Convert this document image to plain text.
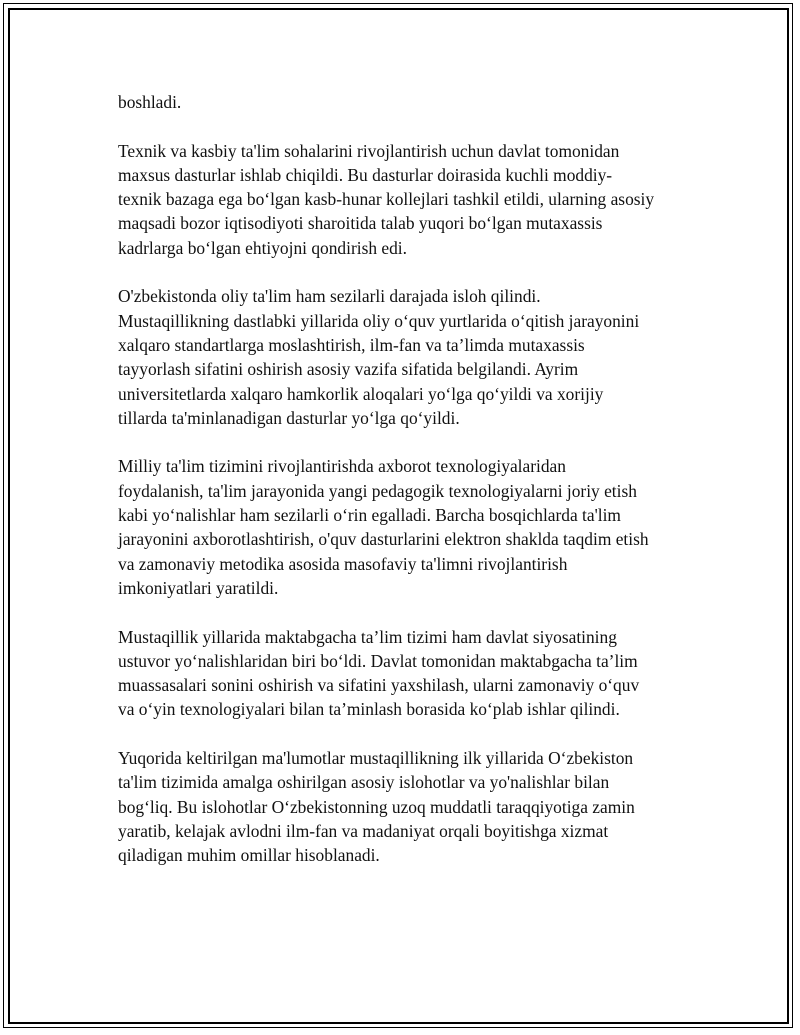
boshladi.

Texnik va kasbiy ta'lim sohalarini rivojlantirish uchun davlat tomonidan
maxsus dasturlar ishlab chiqildi. Bu dasturlar doirasida kuchli moddiy-
texnik bazaga ega bo‘lgan kasb-hunar kollejlari tashkil etildi, ularning asosiy
maqsadi bozor iqtisodiyoti sharoitida talab yuqori bo‘lgan mutaxassis
kadrlarga bo‘lgan ehtiyojni qondirish edi.

O'zbekistonda oliy ta'lim ham sezilarli darajada isloh qilindi.
Mustaqillikning dastlabki yillarida oliy o‘quv yurtlarida o‘qitish jarayonini
xalqaro standartlarga moslashtirish, ilm-fan va ta’limda mutaxassis
tayyorlash sifatini oshirish asosiy vazifa sifatida belgilandi. Ayrim
universitetlarda xalqaro hamkorlik aloqalari yo‘lga qo‘yildi va xorijiy
tillarda ta'minlanadigan dasturlar yo‘lga qo‘yildi.

Milliy ta'lim tizimini rivojlantirishda axborot texnologiyalaridan
foydalanish, ta'lim jarayonida yangi pedagogik texnologiyalarni joriy etish
kabi yo‘nalishlar ham sezilarli o‘rin egalladi. Barcha bosqichlarda ta'lim
jarayonini axborotlashtirish, o'quv dasturlarini elektron shaklda taqdim etish
va zamonaviy metodika asosida masofaviy ta'limni rivojlantirish
imkoniyatlari yaratildi.

Mustaqillik yillarida maktabgacha ta’lim tizimi ham davlat siyosatining
ustuvor yo‘nalishlaridan biri bo‘ldi. Davlat tomonidan maktabgacha ta’lim
muassasalari sonini oshirish va sifatini yaxshilash, ularni zamonaviy o‘quv
va o‘yin texnologiyalari bilan ta’minlash borasida ko‘plab ishlar qilindi.

Yuqorida keltirilgan ma'lumotlar mustaqillikning ilk yillarida O‘zbekiston
ta'lim tizimida amalga oshirilgan asosiy islohotlar va yo'nalishlar bilan
bog‘liq. Bu islohotlar O‘zbekistonning uzoq muddatli taraqqiyotiga zamin
yaratib, kelajak avlodni ilm-fan va madaniyat orqali boyitishga xizmat
qiladigan muhim omillar hisoblanadi.
